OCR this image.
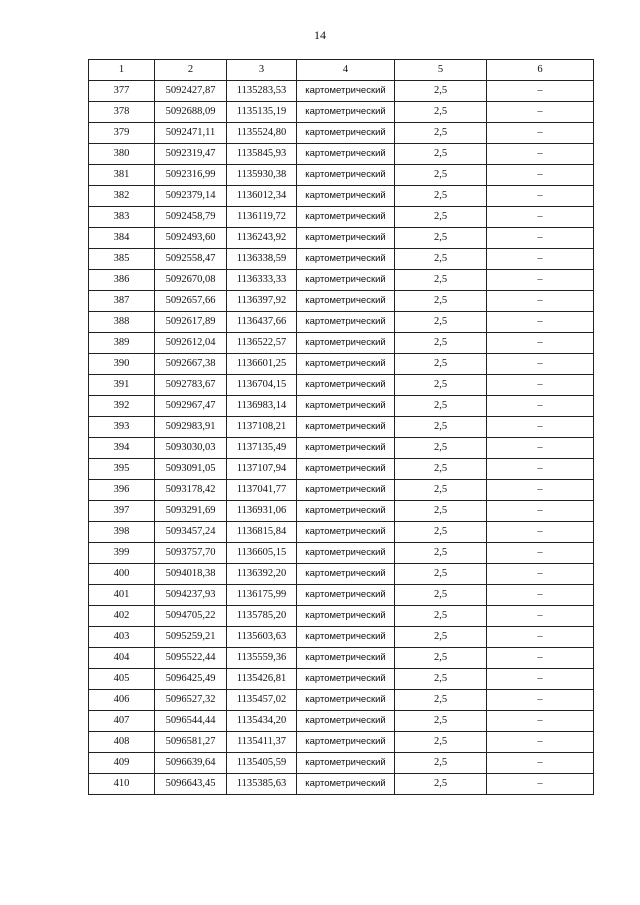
14
1	2	3	4	5	6
377	5092427,87	1135283,53	картометрический	2,5	–
378	5092688,09	1135135,19	картометрический	2,5	–
379	5092471,11	1135524,80	картометрический	2,5	–
380	5092319,47	1135845,93	картометрический	2,5	–
381	5092316,99	1135930,38	картометрический	2,5	–
382	5092379,14	1136012,34	картометрический	2,5	–
383	5092458,79	1136119,72	картометрический	2,5	–
384	5092493,60	1136243,92	картометрический	2,5	–
385	5092558,47	1136338,59	картометрический	2,5	–
386	5092670,08	1136333,33	картометрический	2,5	–
387	5092657,66	1136397,92	картометрический	2,5	–
388	5092617,89	1136437,66	картометрический	2,5	–
389	5092612,04	1136522,57	картометрический	2,5	–
390	5092667,38	1136601,25	картометрический	2,5	–
391	5092783,67	1136704,15	картометрический	2,5	–
392	5092967,47	1136983,14	картометрический	2,5	–
393	5092983,91	1137108,21	картометрический	2,5	–
394	5093030,03	1137135,49	картометрический	2,5	–
395	5093091,05	1137107,94	картометрический	2,5	–
396	5093178,42	1137041,77	картометрический	2,5	–
397	5093291,69	1136931,06	картометрический	2,5	–
398	5093457,24	1136815,84	картометрический	2,5	–
399	5093757,70	1136605,15	картометрический	2,5	–
400	5094018,38	1136392,20	картометрический	2,5	–
401	5094237,93	1136175,99	картометрический	2,5	–
402	5094705,22	1135785,20	картометрический	2,5	–
403	5095259,21	1135603,63	картометрический	2,5	–
404	5095522,44	1135559,36	картометрический	2,5	–
405	5096425,49	1135426,81	картометрический	2,5	–
406	5096527,32	1135457,02	картометрический	2,5	–
407	5096544,44	1135434,20	картометрический	2,5	–
408	5096581,27	1135411,37	картометрический	2,5	–
409	5096639,64	1135405,59	картометрический	2,5	–
410	5096643,45	1135385,63	картометрический	2,5	–
